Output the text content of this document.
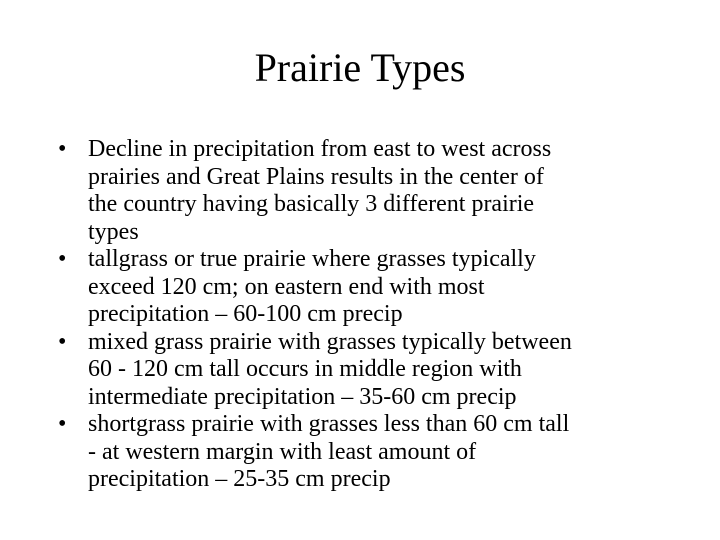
Prairie Types
• Decline in precipitation from east to west across
prairies and Great Plains results in the center of
the country having basically 3 different prairie
types
• tallgrass or true prairie where grasses typically
exceed 120 cm; on eastern end with most
precipitation – 60-100 cm precip
• mixed grass prairie with grasses typically between
60 - 120 cm tall occurs in middle region with
intermediate precipitation – 35-60 cm precip
• shortgrass prairie with grasses less than 60 cm tall
- at western margin with least amount of
precipitation – 25-35 cm precip
